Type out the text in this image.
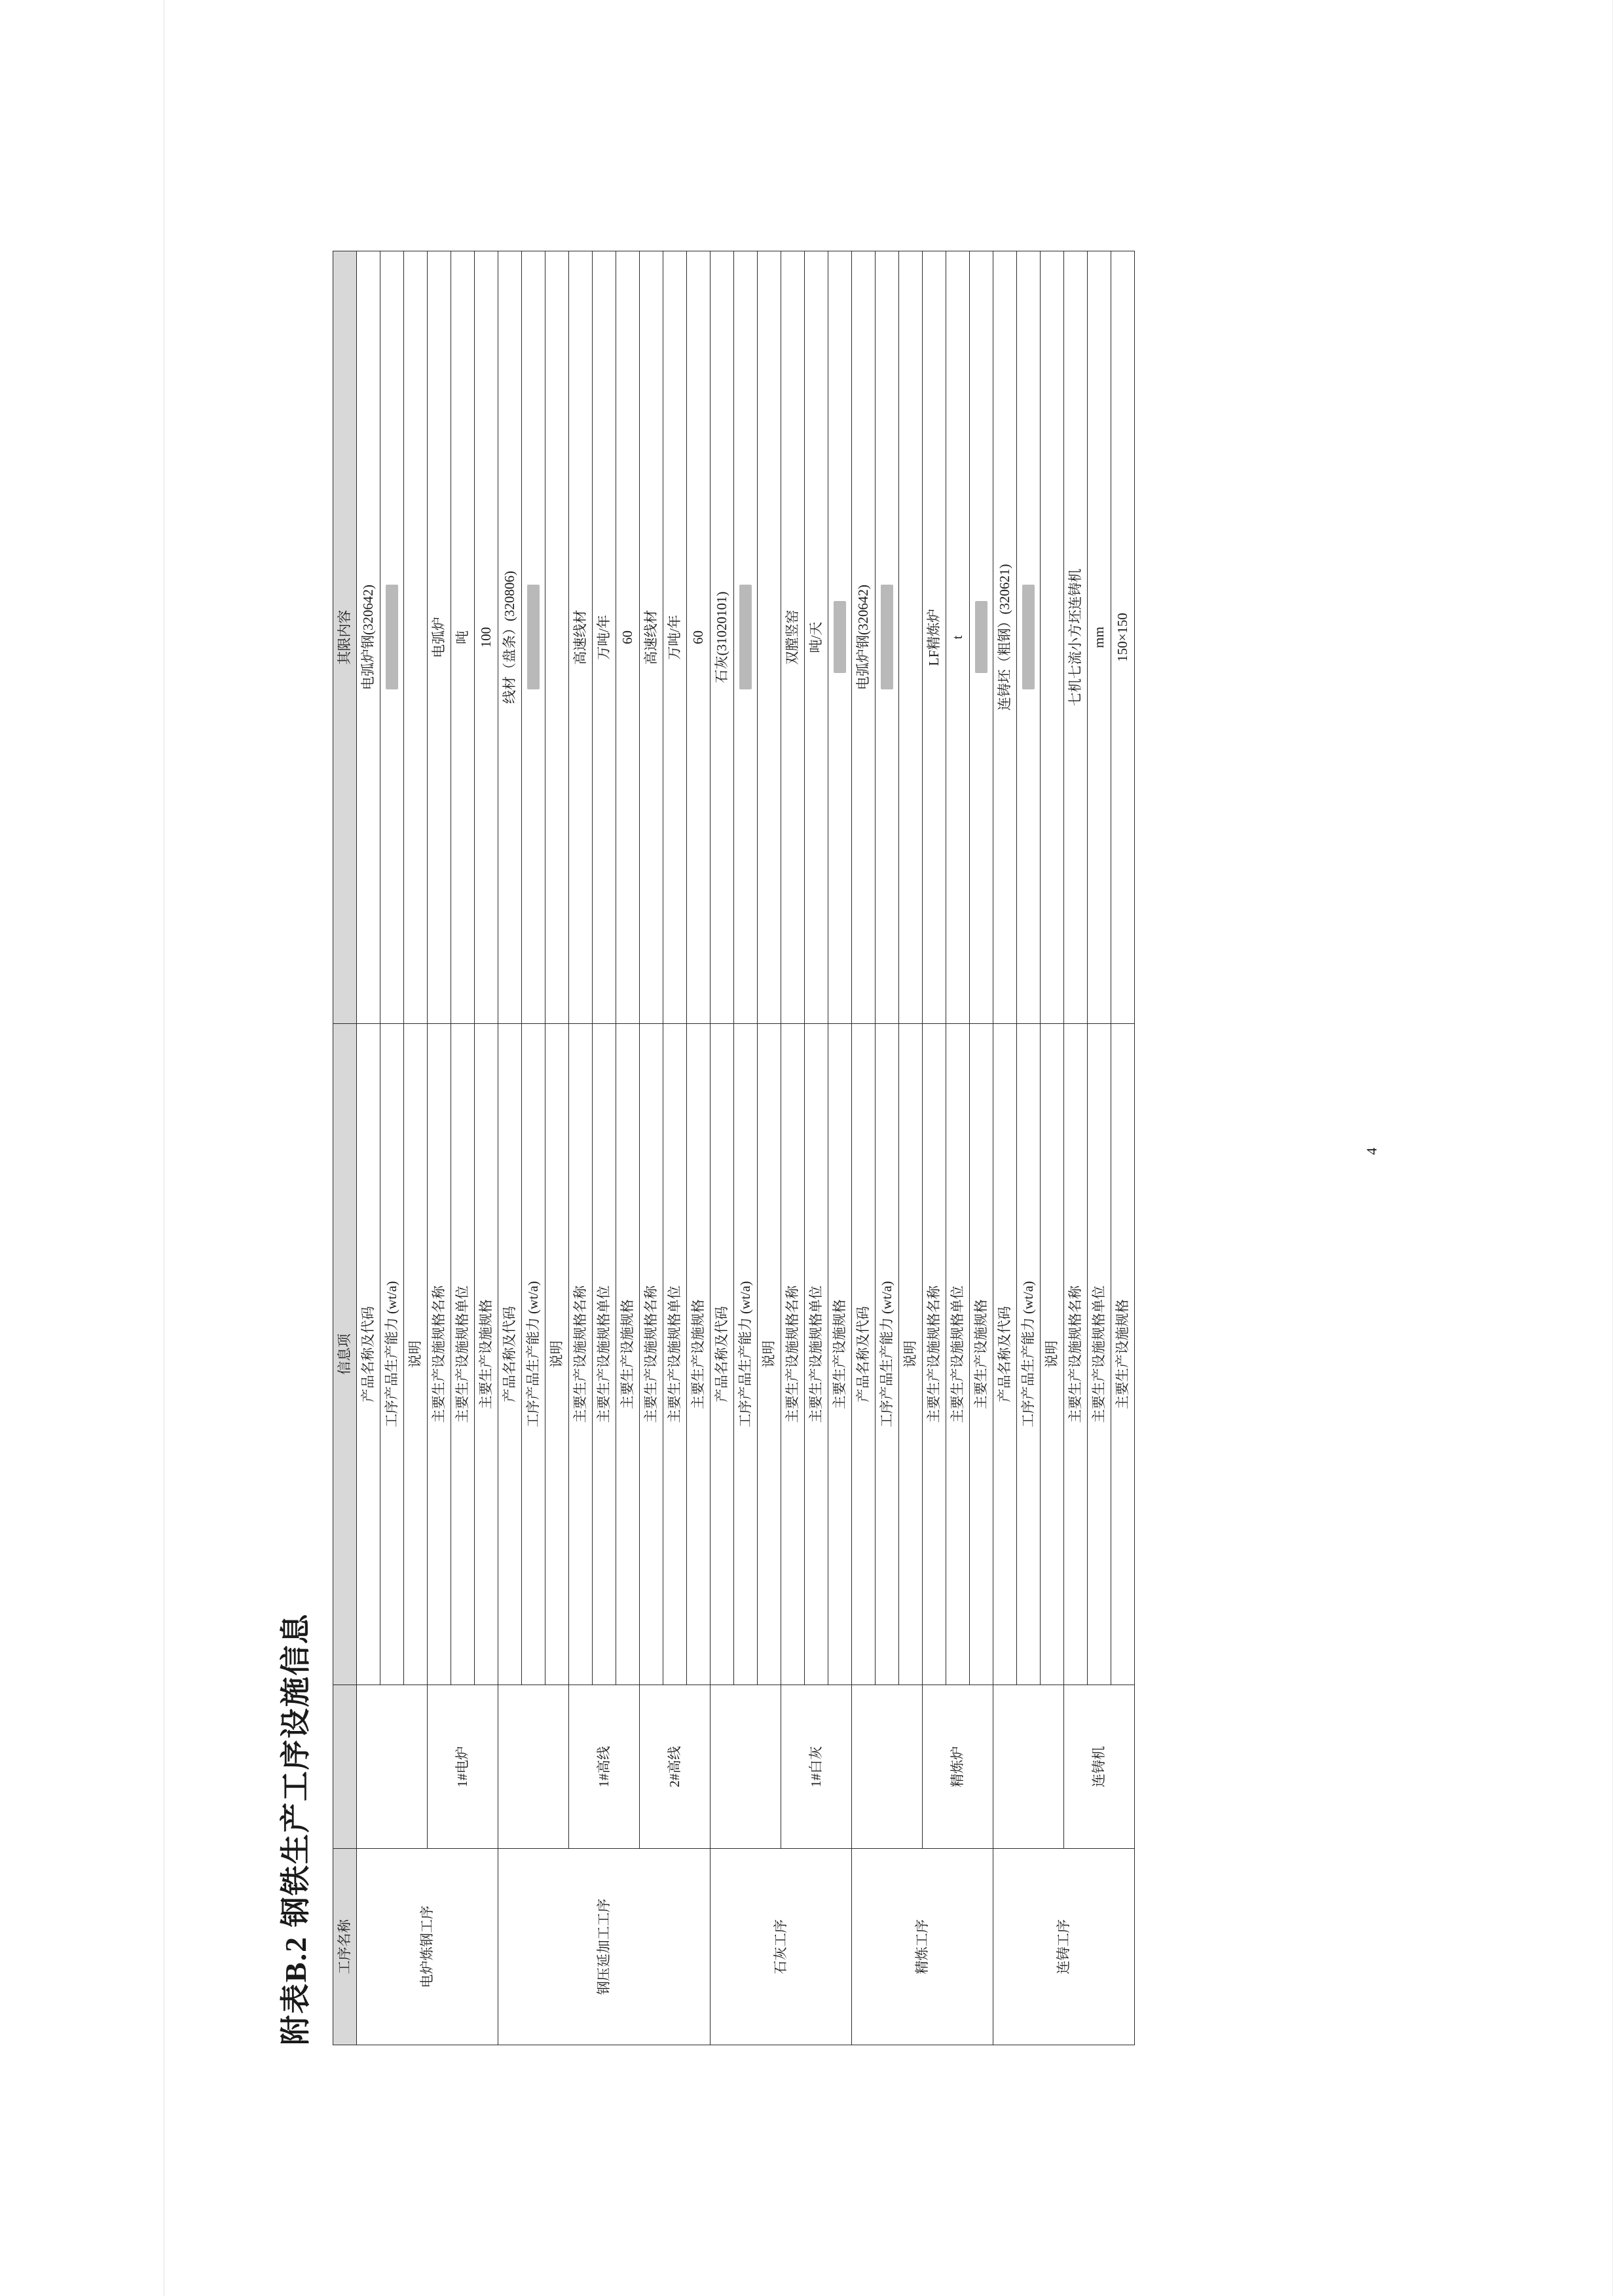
附表B.2 钢铁生产工序设施信息
4
工序名称		信息项	其限内容
电炉炼钢工序		产品名称及代码	电弧炉钢(320642)
		工序产品生产能力 (wt/a)	

		说明	
	1#电炉	主要生产设施规格名称	电弧炉
		主要生产设施规格单位	吨
		主要生产设施规格	100
钢压延加工工序		产品名称及代码	线材（盘条）(320806)
		工序产品生产能力 (wt/a)	

		说明	
	1#高线	主要生产设施规格名称	高速线材
		主要生产设施规格单位	万吨/年
		主要生产设施规格	60
	2#高线	主要生产设施规格名称	高速线材
		主要生产设施规格单位	万吨/年
		主要生产设施规格	60
石灰工序		产品名称及代码	石灰(31020101)
		工序产品生产能力 (wt/a)	

		说明	
	1#白灰	主要生产设施规格名称	双膛竖窑
		主要生产设施规格单位	吨/天
		主要生产设施规格	

精炼工序		产品名称及代码	电弧炉钢(320642)
		工序产品生产能力 (wt/a)	

		说明	
	精炼炉	主要生产设施规格名称	LF精炼炉
		主要生产设施规格单位	t
		主要生产设施规格	

连铸工序		产品名称及代码	连铸坯（粗钢）(320621)
		工序产品生产能力 (wt/a)	

		说明	
	连铸机	主要生产设施规格名称	七机七流小方坯连铸机
		主要生产设施规格单位	mm
		主要生产设施规格	150×150
